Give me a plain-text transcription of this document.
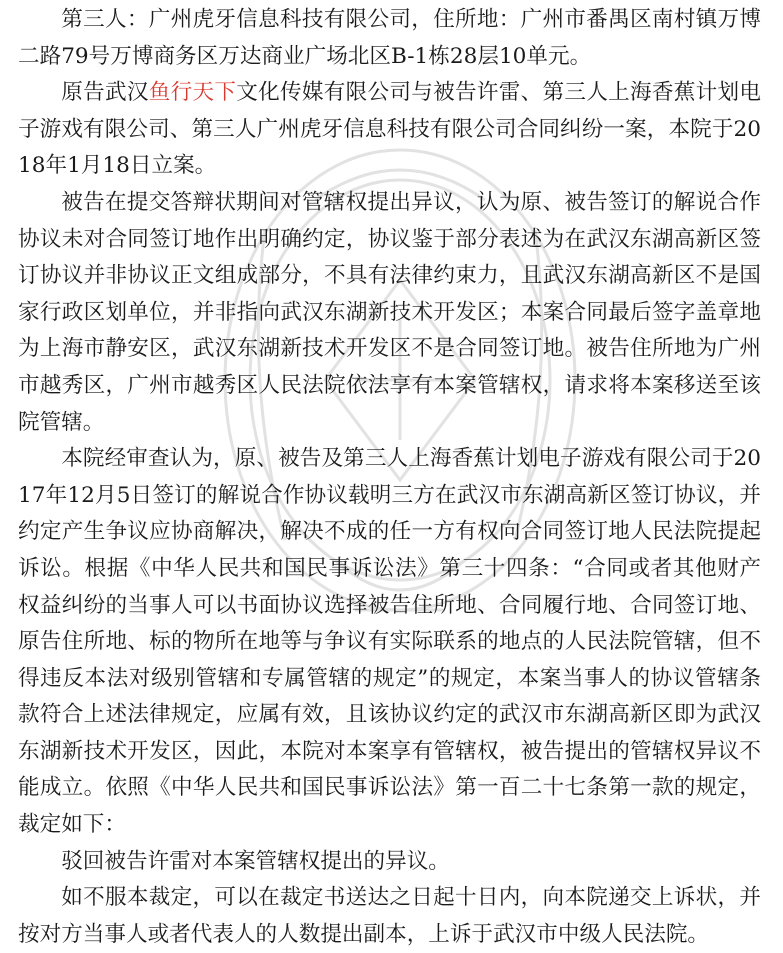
第三人：广州虎牙信息科技有限公司，住所地：广州市番禺区南村镇万博二路79号万博商务区万达商业广场北区B-1栋28层10单元。

原告武汉鱼行天下文化传媒有限公司与被告许雷、第三人上海香蕉计划电子游戏有限公司、第三人广州虎牙信息科技有限公司合同纠纷一案，本院于2018年1月18日立案。

被告在提交答辩状期间对管辖权提出异议，认为原、被告签订的解说合作协议未对合同签订地作出明确约定，协议鉴于部分表述为在武汉东湖高新区签订协议并非协议正文组成部分，不具有法律约束力，且武汉东湖高新区不是国家行政区划单位，并非指向武汉东湖新技术开发区；本案合同最后签字盖章地为上海市静安区，武汉东湖新技术开发区不是合同签订地。被告住所地为广州市越秀区，广州市越秀区人民法院依法享有本案管辖权，请求将本案移送至该院管辖。

本院经审查认为，原、被告及第三人上海香蕉计划电子游戏有限公司于2017年12月5日签订的解说合作协议载明三方在武汉市东湖高新区签订协议，并约定产生争议应协商解决，解决不成的任一方有权向合同签订地人民法院提起诉讼。根据《中华人民共和国民事诉讼法》第三十四条：“合同或者其他财产权益纠纷的当事人可以书面协议选择被告住所地、合同履行地、合同签订地、原告住所地、标的物所在地等与争议有实际联系的地点的人民法院管辖，但不得违反本法对级别管辖和专属管辖的规定”的规定，本案当事人的协议管辖条款符合上述法律规定，应属有效，且该协议约定的武汉市东湖高新区即为武汉东湖新技术开发区，因此，本院对本案享有管辖权，被告提出的管辖权异议不能成立。依照《中华人民共和国民事诉讼法》第一百二十七条第一款的规定，裁定如下：

驳回被告许雷对本案管辖权提出的异议。

如不服本裁定，可以在裁定书送达之日起十日内，向本院递交上诉状，并按对方当事人或者代表人的人数提出副本，上诉于武汉市中级人民法院。
